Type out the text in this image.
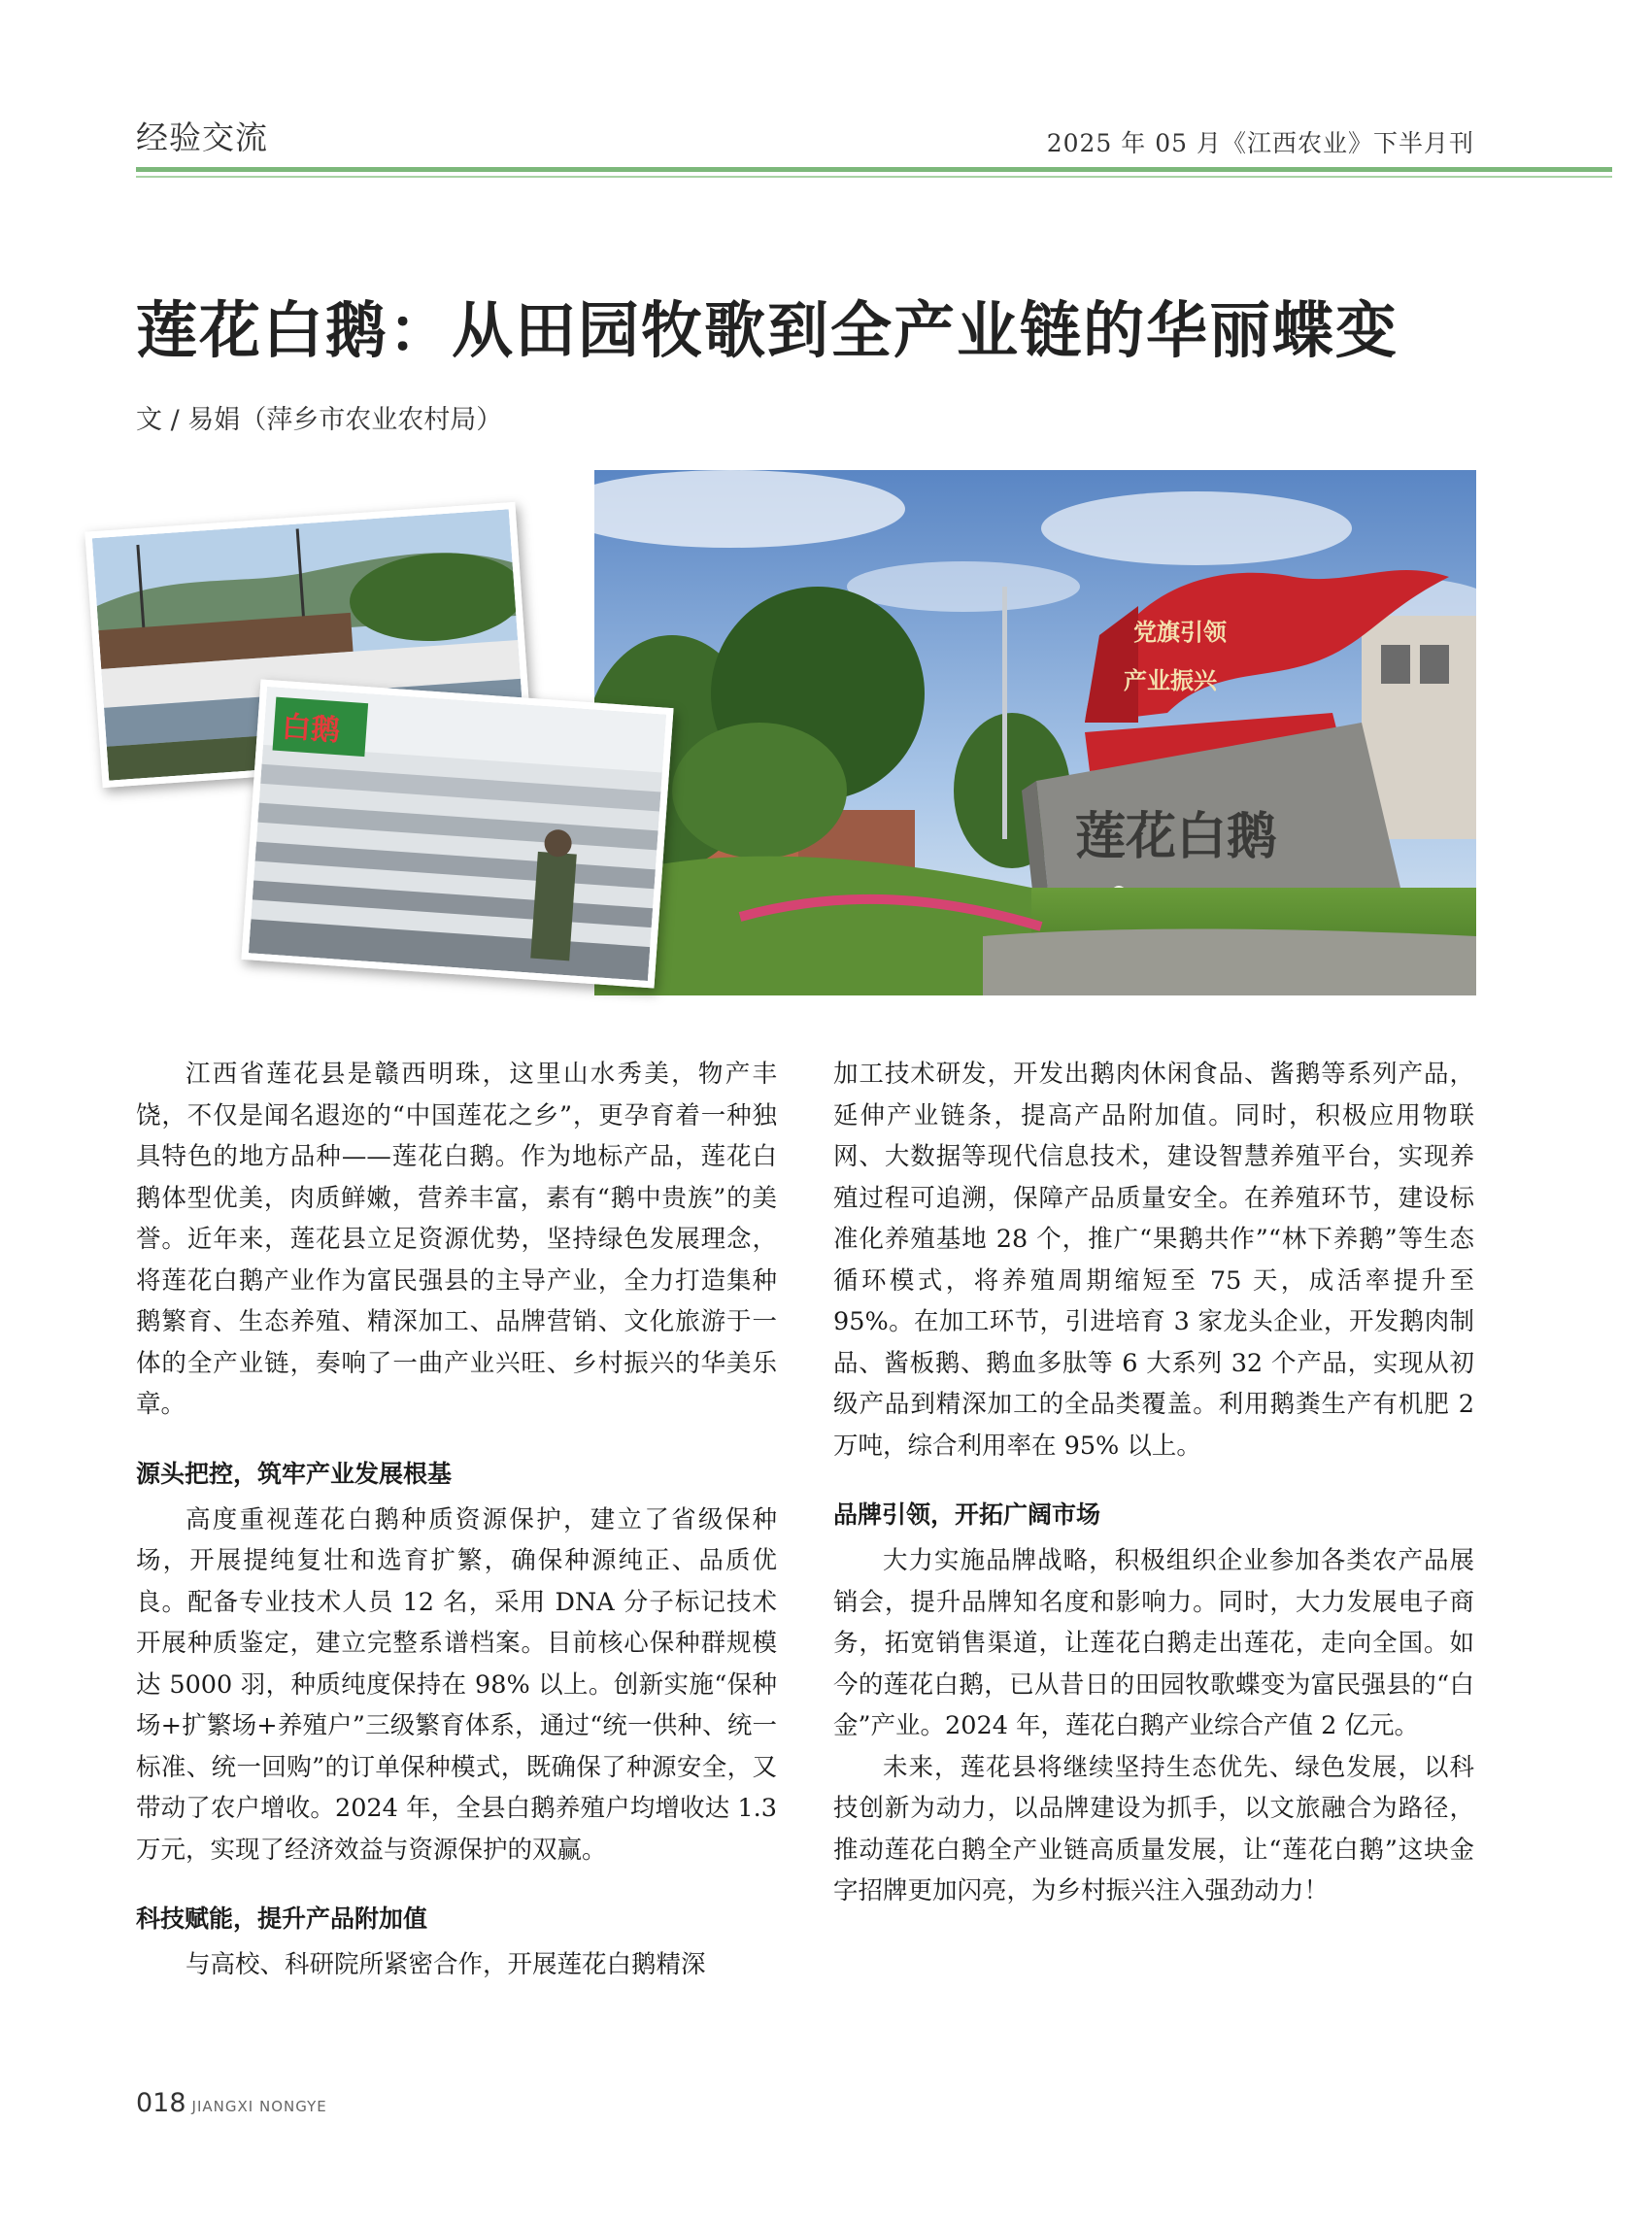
经验交流	2025 年 05 月《江西农业》下半月刊
莲花白鹅：从田园牧歌到全产业链的华丽蝶变
文 / 易娟（萍乡市农业农村局）
党旗引领
产业振兴
莲花白鹅
白鹅

江西省莲花县是赣西明珠，这里山水秀美，物产丰饶，不仅是闻名遐迩的“中国莲花之乡”，更孕育着一种独具特色的地方品种——莲花白鹅。作为地标产品，莲花白鹅体型优美，肉质鲜嫩，营养丰富，素有“鹅中贵族”的美誉。近年来，莲花县立足资源优势，坚持绿色发展理念，将莲花白鹅产业作为富民强县的主导产业，全力打造集种鹅繁育、生态养殖、精深加工、品牌营销、文化旅游于一体的全产业链，奏响了一曲产业兴旺、乡村振兴的华美乐章。

源头把控，筑牢产业发展根基

高度重视莲花白鹅种质资源保护，建立了省级保种场，开展提纯复壮和选育扩繁，确保种源纯正、品质优良。配备专业技术人员 12 名，采用 DNA 分子标记技术开展种质鉴定，建立完整系谱档案。目前核心保种群规模达 5000 羽，种质纯度保持在 98% 以上。创新实施“保种场+扩繁场+养殖户”三级繁育体系，通过“统一供种、统一标准、统一回购”的订单保种模式，既确保了种源安全，又带动了农户增收。2024 年，全县白鹅养殖户均增收达 1.3 万元，实现了经济效益与资源保护的双赢。

科技赋能，提升产品附加值

与高校、科研院所紧密合作，开展莲花白鹅精深

加工技术研发，开发出鹅肉休闲食品、酱鹅等系列产品，延伸产业链条，提高产品附加值。同时，积极应用物联网、大数据等现代信息技术，建设智慧养殖平台，实现养殖过程可追溯，保障产品质量安全。在养殖环节，建设标准化养殖基地 28 个，推广“果鹅共作”“林下养鹅”等生态循环模式，将养殖周期缩短至 75 天，成活率提升至 95%。在加工环节，引进培育 3 家龙头企业，开发鹅肉制品、酱板鹅、鹅血多肽等 6 大系列 32 个产品，实现从初级产品到精深加工的全品类覆盖。利用鹅粪生产有机肥 2 万吨，综合利用率在 95% 以上。

品牌引领，开拓广阔市场

大力实施品牌战略，积极组织企业参加各类农产品展销会，提升品牌知名度和影响力。同时，大力发展电子商务，拓宽销售渠道，让莲花白鹅走出莲花，走向全国。如今的莲花白鹅，已从昔日的田园牧歌蝶变为富民强县的“白金”产业。2024 年，莲花白鹅产业综合产值 2 亿元。

未来，莲花县将继续坚持生态优先、绿色发展，以科技创新为动力，以品牌建设为抓手，以文旅融合为路径，推动莲花白鹅全产业链高质量发展，让“莲花白鹅”这块金字招牌更加闪亮，为乡村振兴注入强劲动力！

018 JIANGXI NONGYE
